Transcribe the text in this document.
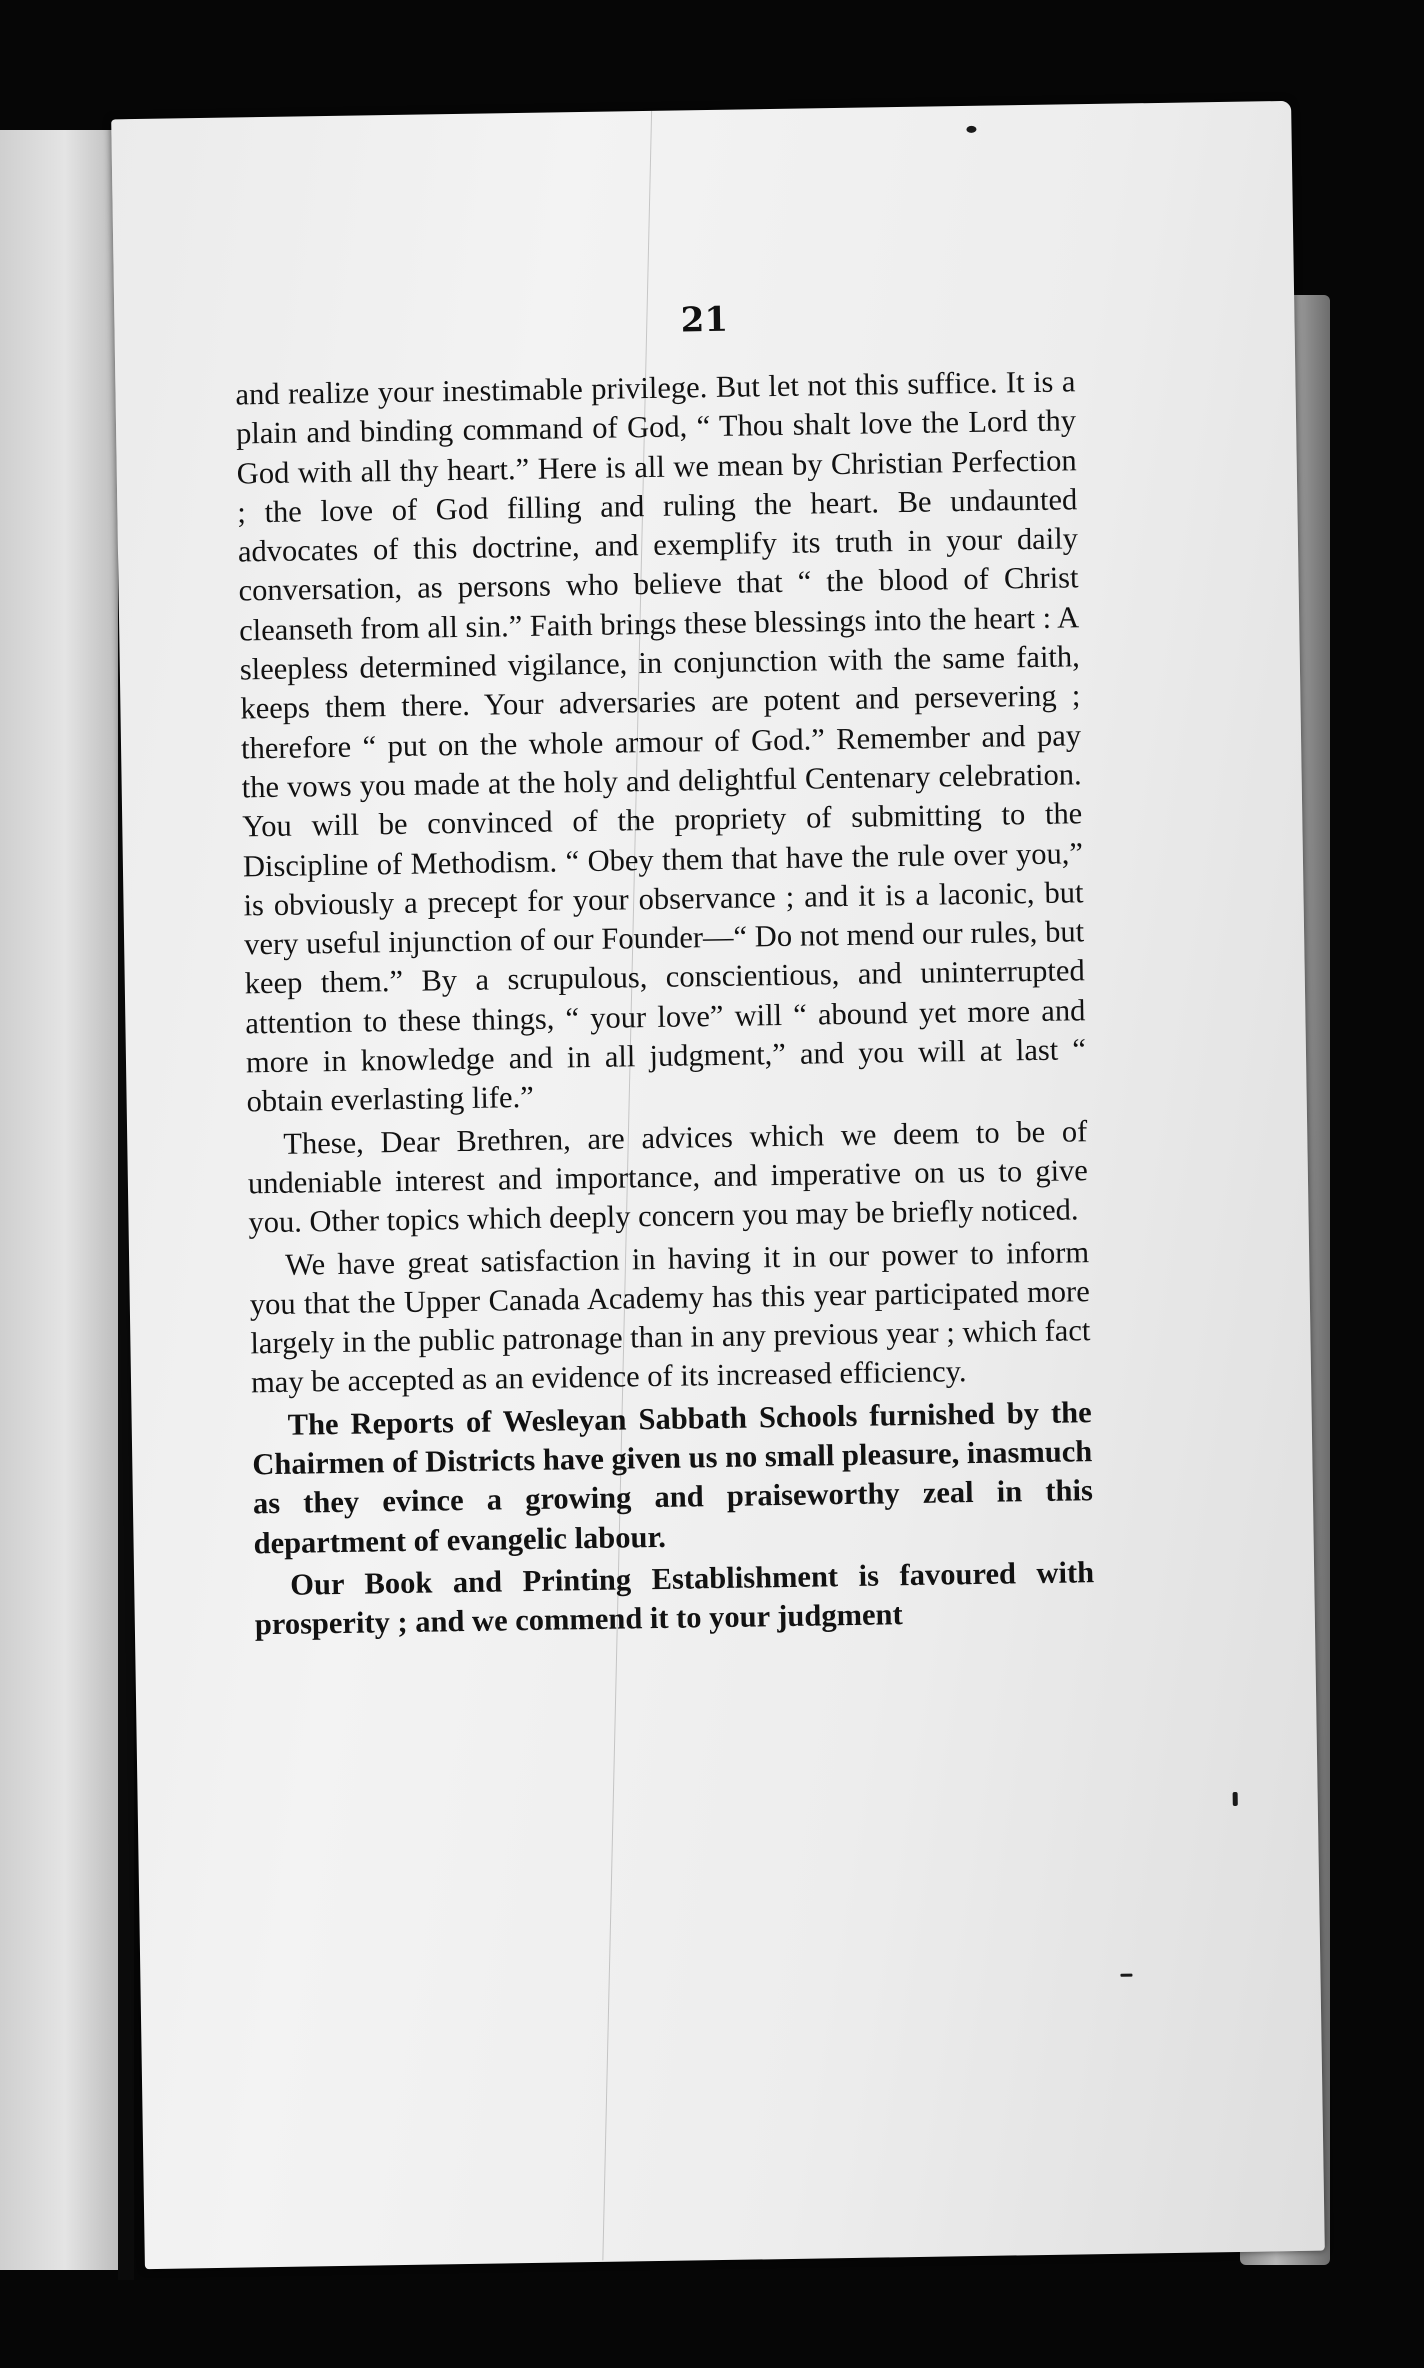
21

and realize your inestimable privilege. But let not this suffice. It is a plain and binding command of God, “ Thou shalt love the Lord thy God with all thy heart.” Here is all we mean by Christian Perfection ; the love of God filling and ruling the heart. Be undaunted advocates of this doctrine, and exemplify its truth in your daily conversation, as persons who believe that “ the blood of Christ cleanseth from all sin.” Faith brings these blessings into the heart : A sleepless determined vigilance, in conjunction with the same faith, keeps them there. Your adversaries are potent and persevering ; therefore “ put on the whole armour of God.” Remember and pay the vows you made at the holy and delightful Centenary celebration. You will be convinced of the propriety of submitting to the Discipline of Methodism. “ Obey them that have the rule over you,” is obviously a precept for your observance ; and it is a laconic, but very useful injunction of our Founder—“ Do not mend our rules, but keep them.” By a scrupulous, conscientious, and uninterrupted attention to these things, “ your love” will “ abound yet more and more in knowledge and in all judgment,” and you will at last “ obtain everlasting life.”

These, Dear Brethren, are advices which we deem to be of undeniable interest and importance, and imperative on us to give you. Other topics which deeply concern you may be briefly noticed.

We have great satisfaction in having it in our power to inform you that the Upper Canada Academy has this year participated more largely in the public patronage than in any previous year ; which fact may be accepted as an evidence of its increased efficiency.

The Reports of Wesleyan Sabbath Schools furnished by the Chairmen of Districts have given us no small pleasure, inasmuch as they evince a growing and praiseworthy zeal in this department of evangelic labour.

Our Book and Printing Establishment is favoured with prosperity ; and we commend it to your judgment
